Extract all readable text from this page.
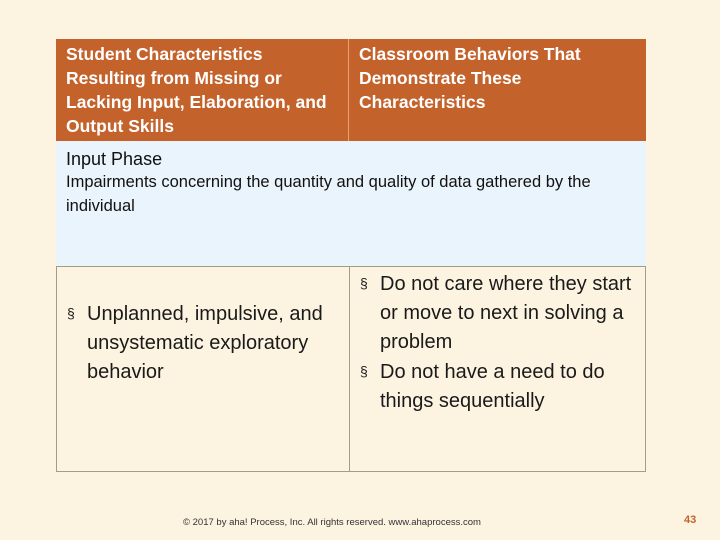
Student Characteristics Resulting from Missing or Lacking Input, Elaboration, and Output Skills
Classroom Behaviors That Demonstrate These Characteristics
Input Phase
Impairments concerning the quantity and quality of data gathered by the individual
§ Unplanned, impulsive, and unsystematic exploratory behavior
§ Do not care where they start or move to next in solving a problem
§ Do not have a need to do things sequentially
© 2017 by aha! Process, Inc. All rights reserved. www.ahaprocess.com	43
